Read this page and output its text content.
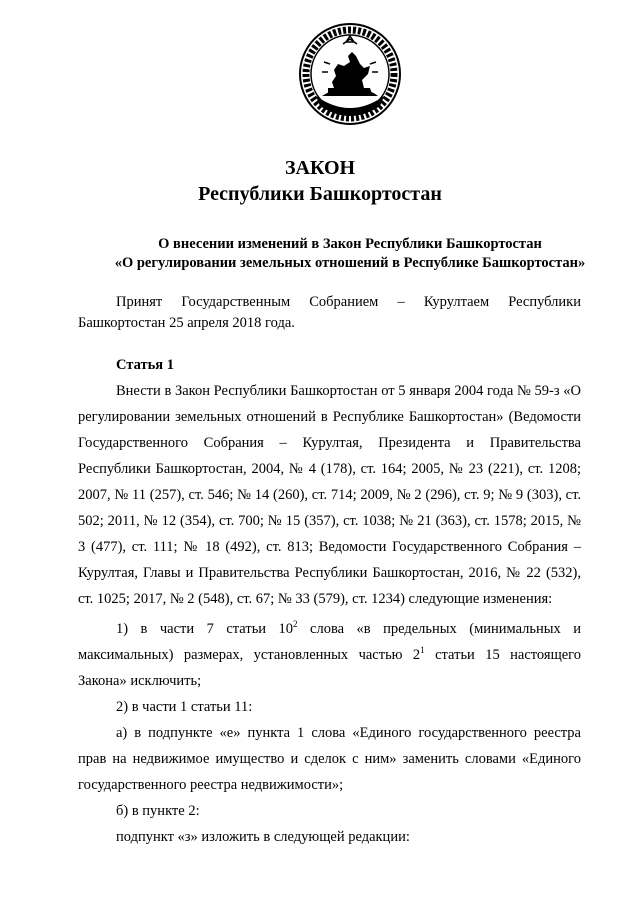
ЗАКОН
Республики Башкортостан
О внесении изменений в Закон Республики Башкортостан
«О регулировании земельных отношений в Республике Башкортостан»

Принят Государственным Собранием – Курултаем Республики Башкортостан 25 апреля 2018 года.

Статья 1

Внести в Закон Республики Башкортостан от 5 января 2004 года № 59-з «О регулировании земельных отношений в Республике Башкортостан» (Ведомости Государственного Собрания – Курултая, Президента и Правительства Республики Башкортостан, 2004, № 4 (178), ст. 164; 2005, № 23 (221), ст. 1208; 2007, № 11 (257), ст. 546; № 14 (260), ст. 714; 2009, № 2 (296), ст. 9; № 9 (303), ст. 502; 2011, № 12 (354), ст. 700; № 15 (357), ст. 1038; № 21 (363), ст. 1578; 2015, № 3 (477), ст. 111; № 18 (492), ст. 813; Ведомости Государственного Собрания – Курултая, Главы и Правительства Республики Башкортостан, 2016, № 22 (532), ст. 1025; 2017, № 2 (548), ст. 67; № 33 (579), ст. 1234) следующие изменения:

1) в части 7 статьи $10^2$ слова «в предельных (минимальных и максимальных) размерах, установленных частью $2^1$ статьи 15 настоящего Закона» исключить;

2) в части 1 статьи 11:

а) в подпункте «е» пункта 1 слова «Единого государственного реестра прав на недвижимое имущество и сделок с ним» заменить словами «Единого государственного реестра недвижимости»;

б) в пункте 2:

подпункт «з» изложить в следующей редакции:
